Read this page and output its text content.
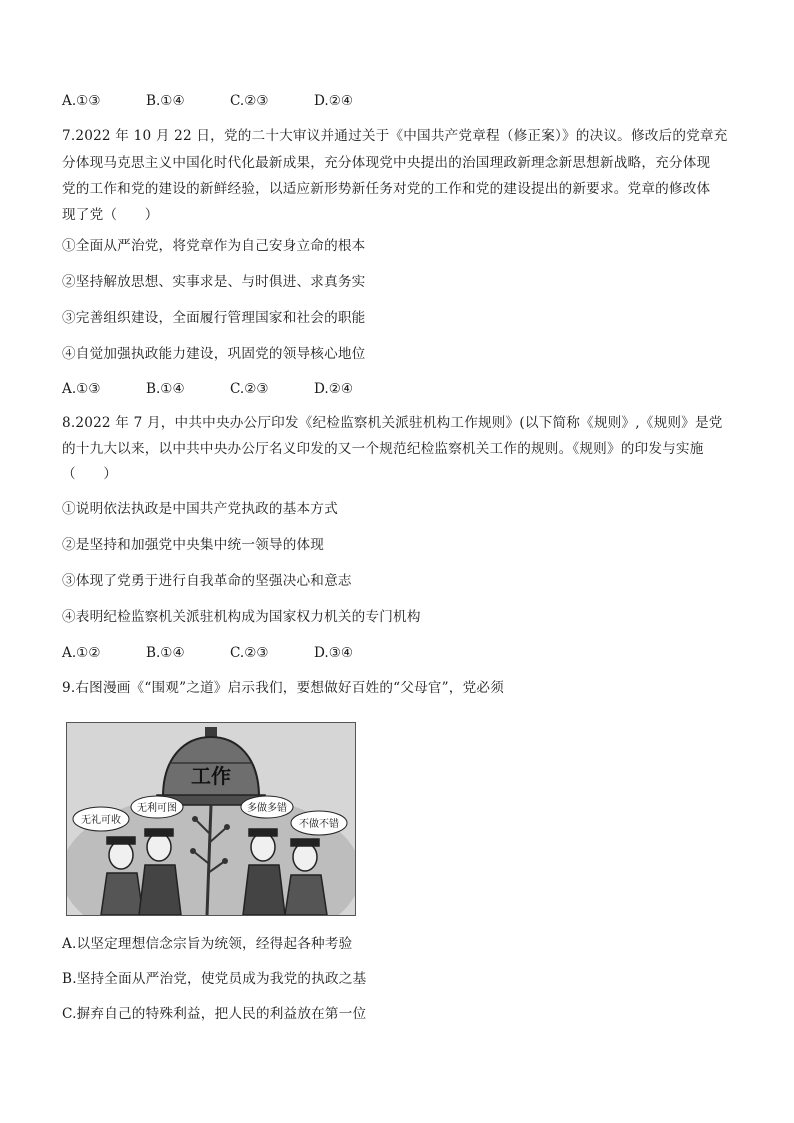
A.①③	B.①④	C.②③	D.②④
7.2022 年 10 月 22 日，党的二十大审议并通过关于《中国共产党章程（修正案）》的决议。修改后的党章充
分体现马克思主义中国化时代化最新成果，充分体现党中央提出的治国理政新理念新思想新战略，充分体现
党的工作和党的建设的新鲜经验，以适应新形势新任务对党的工作和党的建设提出的新要求。党章的修改体
现了党（　　）
①全面从严治党，将党章作为自己安身立命的根本
②坚持解放思想、实事求是、与时俱进、求真务实
③完善组织建设，全面履行管理国家和社会的职能
④自觉加强执政能力建设，巩固党的领导核心地位
A.①③	B.①④	C.②③	D.②④
8.2022 年 7 月，中共中央办公厅印发《纪检监察机关派驻机构工作规则》(以下简称《规则》,《规则》是党
的十九大以来，以中共中央办公厅名义印发的又一个规范纪检监察机关工作的规则。《规则》的印发与实施
（　　）
①说明依法执政是中国共产党执政的基本方式
②是坚持和加强党中央集中统一领导的体现
③体现了党勇于进行自我革命的坚强决心和意志
④表明纪检监察机关派驻机构成为国家权力机关的专门机构
A.①②	B.①④	C.②③	D.③④
9.右图漫画《“围观”之道》启示我们，要想做好百姓的“父母官”，党必须
工作
无礼可收
无利可图	多做多错
不做不错
A.以坚定理想信念宗旨为统领，经得起各种考验
B.坚持全面从严治党，使党员成为我党的执政之基
C.摒弃自己的特殊利益，把人民的利益放在第一位
